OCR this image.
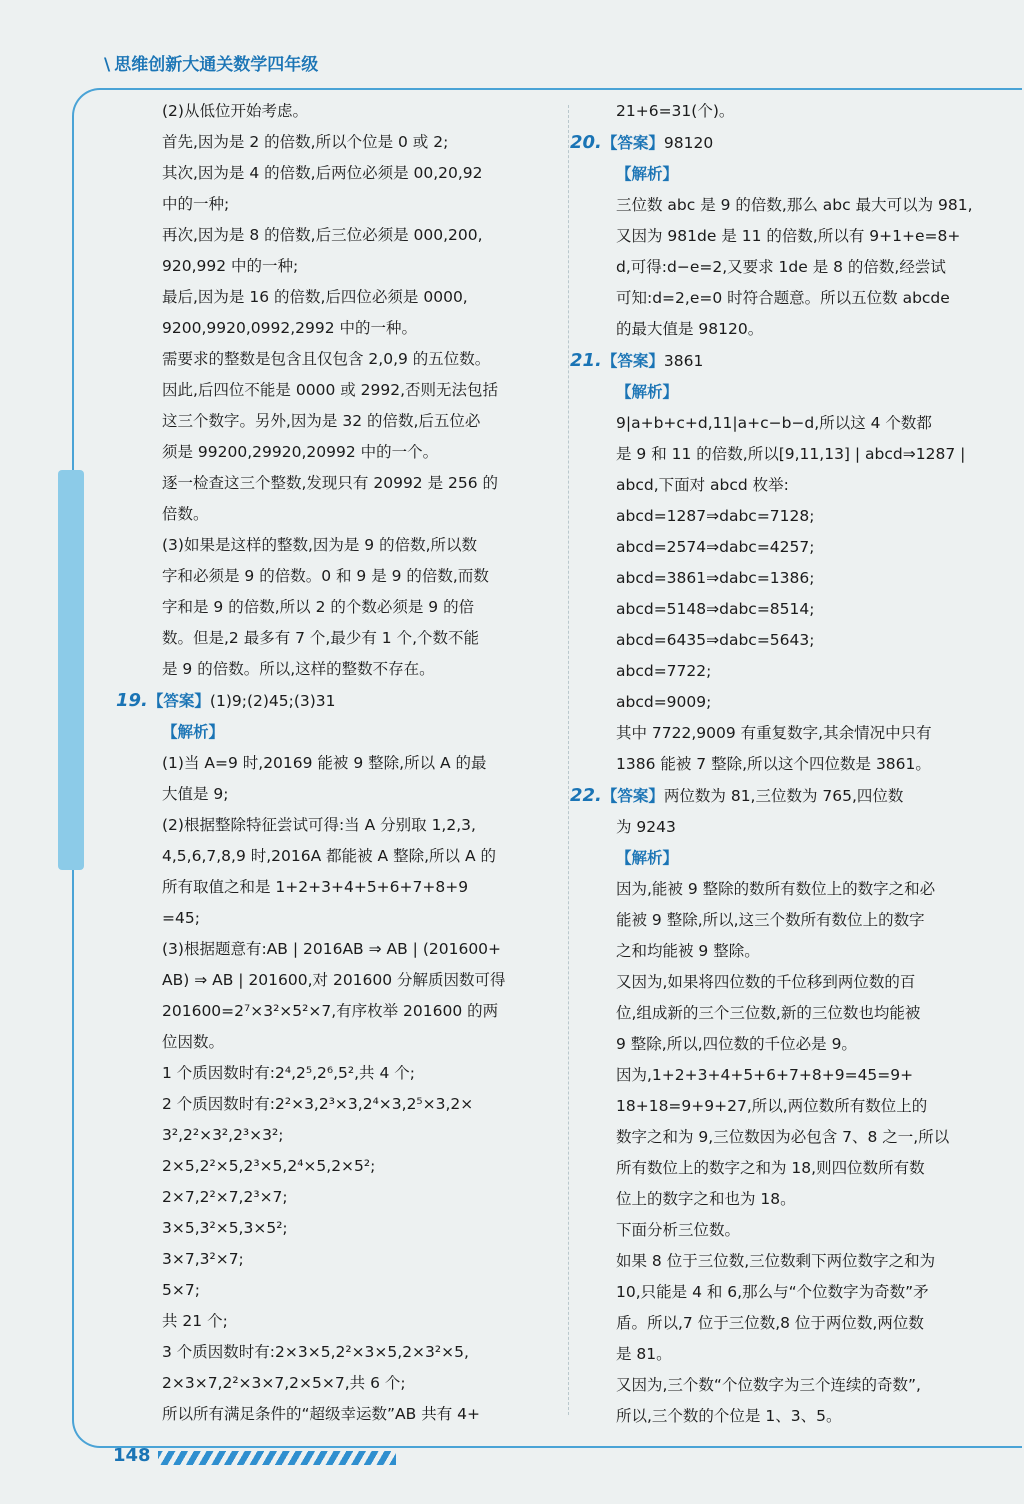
\ 思维创新大通关数学四年级

(2)从低位开始考虑。

首先,因为是 2 的倍数,所以个位是 0 或 2;

其次,因为是 4 的倍数,后两位必须是 00,20,92

中的一种;

再次,因为是 8 的倍数,后三位必须是 000,200,

920,992 中的一种;

最后,因为是 16 的倍数,后四位必须是 0000,

9200,9920,0992,2992 中的一种。

需要求的整数是包含且仅包含 2,0,9 的五位数。

因此,后四位不能是 0000 或 2992,否则无法包括

这三个数字。另外,因为是 32 的倍数,后五位必

须是 99200,29920,20992 中的一个。

逐一检查这三个整数,发现只有 20992 是 256 的

倍数。

(3)如果是这样的整数,因为是 9 的倍数,所以数

字和必须是 9 的倍数。0 和 9 是 9 的倍数,而数

字和是 9 的倍数,所以 2 的个数必须是 9 的倍

数。但是,2 最多有 7 个,最少有 1 个,个数不能

是 9 的倍数。所以,这样的整数不存在。

19.【答案】(1)9;(2)45;(3)31

【解析】

(1)当 A=9 时,20169 能被 9 整除,所以 A 的最

大值是 9;

(2)根据整除特征尝试可得:当 A 分别取 1,2,3,

4,5,6,7,8,9 时,2016A 都能被 A 整除,所以 A 的

所有取值之和是 1+2+3+4+5+6+7+8+9

=45;

(3)根据题意有:AB | 2016AB ⇒ AB | (201600+

AB) ⇒ AB | 201600,对 201600 分解质因数可得

201600=2⁷×3²×5²×7,有序枚举 201600 的两

位因数。

1 个质因数时有:2⁴,2⁵,2⁶,5²,共 4 个;

2 个质因数时有:2²×3,2³×3,2⁴×3,2⁵×3,2×

3²,2²×3²,2³×3²;

2×5,2²×5,2³×5,2⁴×5,2×5²;

2×7,2²×7,2³×7;

3×5,3²×5,3×5²;

3×7,3²×7;

5×7;

共 21 个;

3 个质因数时有:2×3×5,2²×3×5,2×3²×5,

2×3×7,2²×3×7,2×5×7,共 6 个;

所以所有满足条件的“超级幸运数”AB 共有 4+

21+6=31(个)。

20.【答案】98120

【解析】

三位数 abc 是 9 的倍数,那么 abc 最大可以为 981,

又因为 981de 是 11 的倍数,所以有 9+1+e=8+

d,可得:d−e=2,又要求 1de 是 8 的倍数,经尝试

可知:d=2,e=0 时符合题意。所以五位数 abcde

的最大值是 98120。

21.【答案】3861

【解析】

9|a+b+c+d,11|a+c−b−d,所以这 4 个数都

是 9 和 11 的倍数,所以[9,11,13] | abcd⇒1287 |

abcd,下面对 abcd 枚举:

abcd=1287⇒dabc=7128;

abcd=2574⇒dabc=4257;

abcd=3861⇒dabc=1386;

abcd=5148⇒dabc=8514;

abcd=6435⇒dabc=5643;

abcd=7722;

abcd=9009;

其中 7722,9009 有重复数字,其余情况中只有

1386 能被 7 整除,所以这个四位数是 3861。

22.【答案】两位数为 81,三位数为 765,四位数

为 9243

【解析】

因为,能被 9 整除的数所有数位上的数字之和必

能被 9 整除,所以,这三个数所有数位上的数字

之和均能被 9 整除。

又因为,如果将四位数的千位移到两位数的百

位,组成新的三个三位数,新的三位数也均能被

9 整除,所以,四位数的千位必是 9。

因为,1+2+3+4+5+6+7+8+9=45=9+

18+18=9+9+27,所以,两位数所有数位上的

数字之和为 9,三位数因为必包含 7、8 之一,所以

所有数位上的数字之和为 18,则四位数所有数

位上的数字之和也为 18。

下面分析三位数。

如果 8 位于三位数,三位数剩下两位数字之和为

10,只能是 4 和 6,那么与“个位数字为奇数”矛

盾。所以,7 位于三位数,8 位于两位数,两位数

是 81。

又因为,三个数“个位数字为三个连续的奇数”,

所以,三个数的个位是 1、3、5。

148
